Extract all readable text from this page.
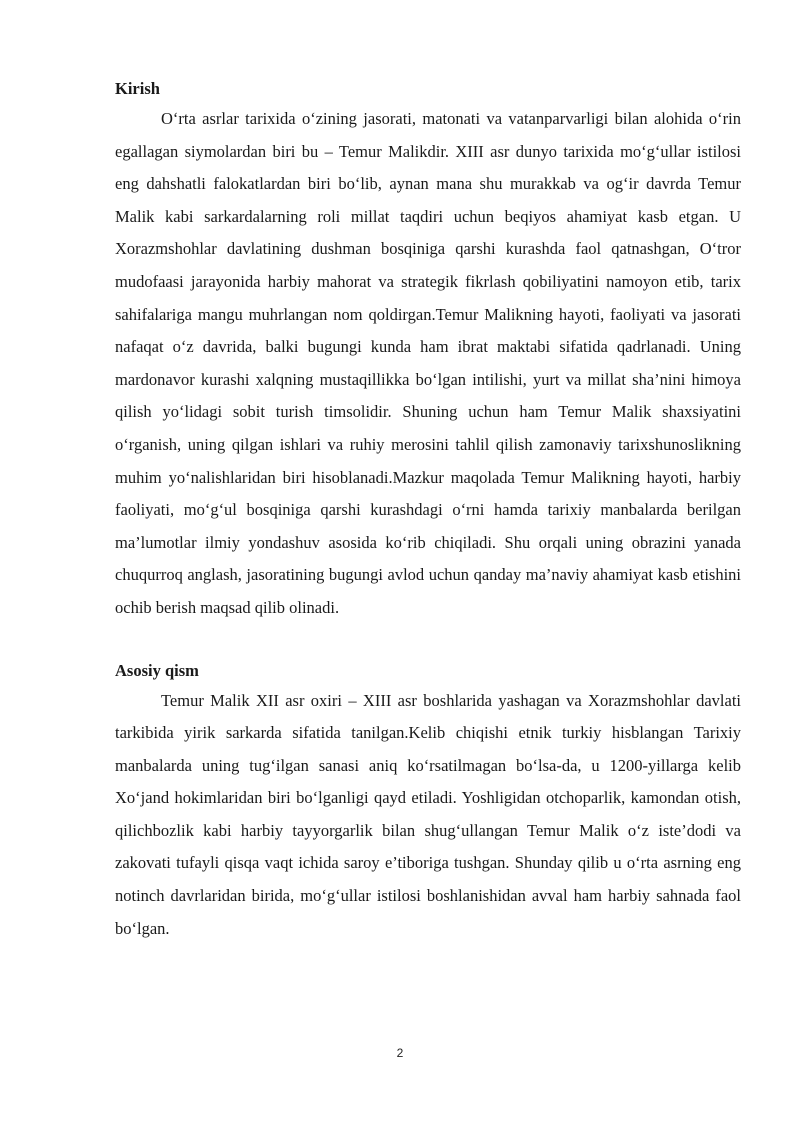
Kirish

O‘rta asrlar tarixida o‘zining jasorati, matonati va vatanparvarligi bilan alohida o‘rin egallagan siymolardan biri bu – Temur Malikdir. XIII asr dunyo tarixida mo‘g‘ullar istilosi eng dahshatli falokatlardan biri bo‘lib, aynan mana shu murakkab va og‘ir davrda Temur Malik kabi sarkardalarning roli millat taqdiri uchun beqiyos ahamiyat kasb etgan. U Xorazmshohlar davlatining dushman bosqiniga qarshi kurashda faol qatnashgan, O‘tror mudofaasi jarayonida harbiy mahorat va strategik fikrlash qobiliyatini namoyon etib, tarix sahifalariga mangu muhrlangan nom qoldirgan.Temur Malikning hayoti, faoliyati va jasorati nafaqat o‘z davrida, balki bugungi kunda ham ibrat maktabi sifatida qadrlanadi. Uning mardonavor kurashi xalqning mustaqillikka bo‘lgan intilishi, yurt va millat sha’nini himoya qilish yo‘lidagi sobit turish timsolidir. Shuning uchun ham Temur Malik shaxsiyatini o‘rganish, uning qilgan ishlari va ruhiy merosini tahlil qilish zamonaviy tarixshunoslikning muhim yo‘nalishlaridan biri hisoblanadi.Mazkur maqolada Temur Malikning hayoti, harbiy faoliyati, mo‘g‘ul bosqiniga qarshi kurashdagi o‘rni hamda tarixiy manbalarda berilgan ma’lumotlar ilmiy yondashuv asosida ko‘rib chiqiladi. Shu orqali uning obrazini yanada chuqurroq anglash, jasoratining bugungi avlod uchun qanday ma’naviy ahamiyat kasb etishini ochib berish maqsad qilib olinadi.

Asosiy qism

Temur Malik XII asr oxiri – XIII asr boshlarida yashagan va Xorazmshohlar davlati tarkibida yirik sarkarda sifatida tanilgan.Kelib chiqishi etnik turkiy hisblangan Tarixiy manbalarda uning tug‘ilgan sanasi aniq ko‘rsatilmagan bo‘lsa-da, u 1200-yillarga kelib Xo‘jand hokimlaridan biri bo‘lganligi qayd etiladi. Yoshligidan otchoparlik, kamondan otish, qilichbozlik kabi harbiy tayyorgarlik bilan shug‘ullangan Temur Malik o‘z iste’dodi va zakovati tufayli qisqa vaqt ichida saroy e’tiboriga tushgan. Shunday qilib u o‘rta asrning eng notinch davrlaridan birida, mo‘g‘ullar istilosi boshlanishidan avval ham harbiy sahnada faol bo‘lgan.

2
